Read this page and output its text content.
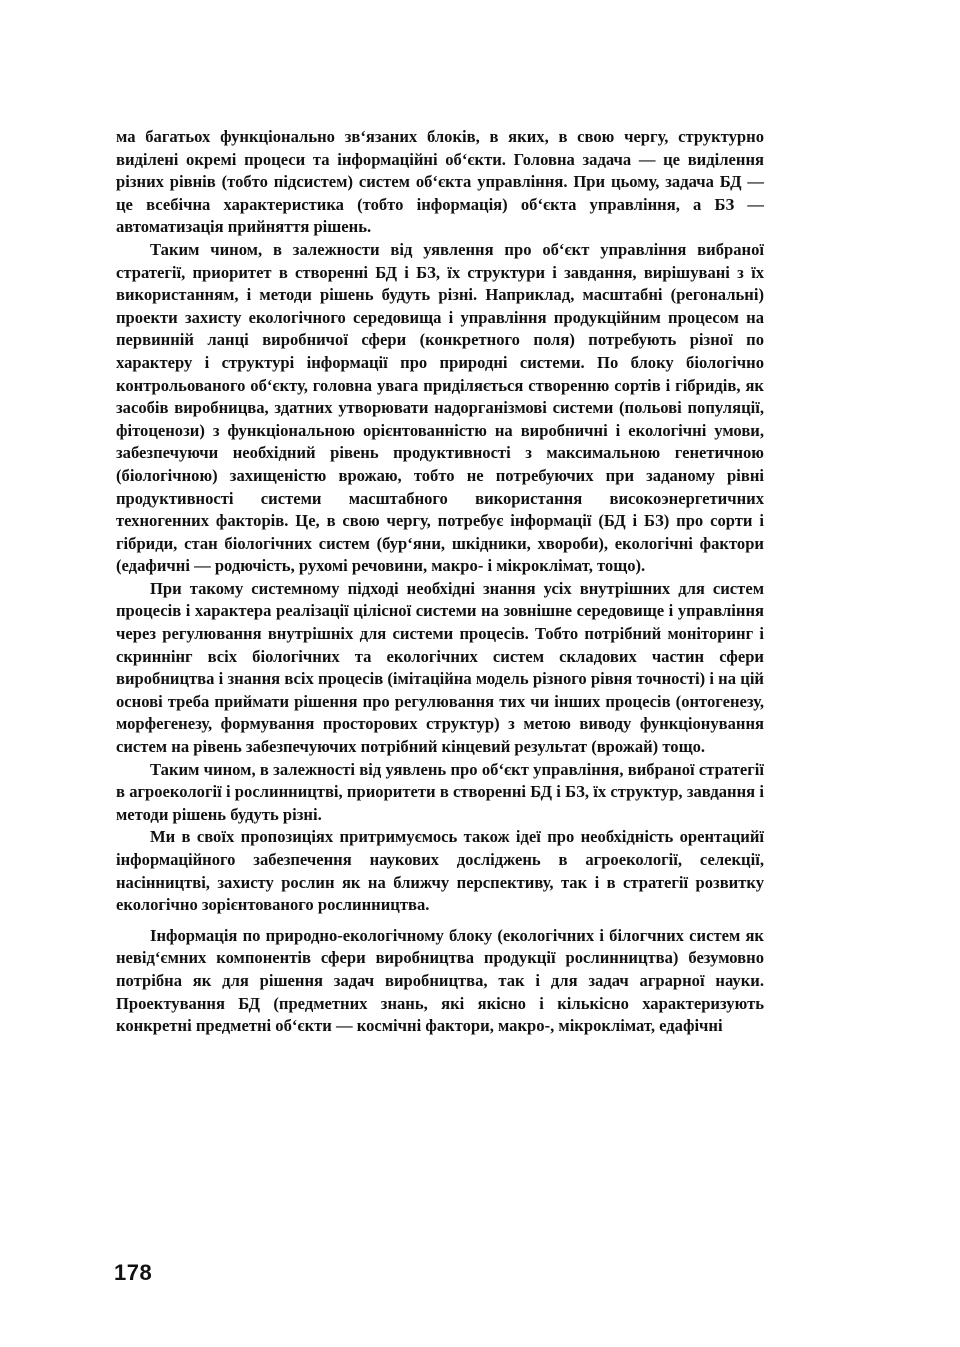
ма багатьох функціонально зв‘язаних блоків, в яких, в свою чергу, структурно виділені окремі процеси та інформаційні об‘єкти. Головна задача — це виділення різних рівнів (тобто підсистем) систем об‘єкта управління. При цьому, задача БД — це всебічна характеристика (тобто інформація) об‘єкта управління, а БЗ — автоматизація прийняття рішень.

Таким чином, в залежности від уявлення про об‘єкт управління вибраної стратегії, приоритет в створенні БД і БЗ, їх структури і завдання, вирішувані з їх використанням, і методи рішень будуть різні. Наприклад, масштабні (регональні) проекти захисту екологічного середовища і управління продукційним процесом на первинній ланці виробничої сфери (конкретного поля) потребують різної по характеру і структурі інформації про природні системи. По блоку біологічно контрольованого об‘єкту, головна увага приділяється створенню сортів і гібридів, як засобів виробницва, здатних утворювати надорганізмові системи (польові популяції, фітоценози) з функціональною орієнтованністю на виробничні і екологічні умови, забезпечуючи необхідний рівень продуктивності з максимальною генетичною (біологічною) захищеністю врожаю, тобто не потребуючих при заданому рівні продуктивності системи масштабного використання високоэнергетичних техногенних факторів. Це, в свою чергу, потребує інформації (БД і БЗ) про сорти і гібриди, стан біологічних систем (бур‘яни, шкідники, хвороби), екологічні фактори (едафичні — родючість, рухомі речовини, макро- і мікроклімат, тощо).

При такому системному підході необхідні знання усіх внутрішних для систем процесів і характера реалізації цілісної системи на зовнішне середовище і управління через регулювання внутрішніх для системи процесів. Тобто потрібний моніторинг і скриннінг всіх біологічних та екологічних систем складових частин сфери виробництва і знання всіх процесів (імітаційна модель різного рівня точності) і на цій основі треба приймати рішення про регулювання тих чи інших процесів (онтогенезу, морфегенезу, формування просторових структур) з метою виводу функціонування систем на рівень забезпечуючих потрібний кінцевий результат (врожай) тощо.

Таким чином, в залежності від уявлень про об‘єкт управління, вибраної стратегії в агроекології і рослинництві, приоритети в створенні БД і БЗ, їх структур, завдання і методи рішень будуть різні.

Ми в своїх пропозиціях притримуємось також ідеї про необхідність орентацийї інформаційного забезпечення наукових досліджень в агроекології, селекції, насінництві, захисту рослин як на ближчу перспективу, так і в стратегії розвитку екологічно зорієнтованого рослинництва.

Інформація по природно-екологічному блоку (екологічних і білогчних систем як невід‘ємних компонентів сфери виробництва продукції рослинництва) безумовно потрібна як для рішення задач виробництва, так і для задач аграрної науки. Проектування БД (предметних знань, які якісно і кількісно характеризують конкретні предметні об‘єкти — космічні фактори, макро-, мікроклімат, едафічні

178
